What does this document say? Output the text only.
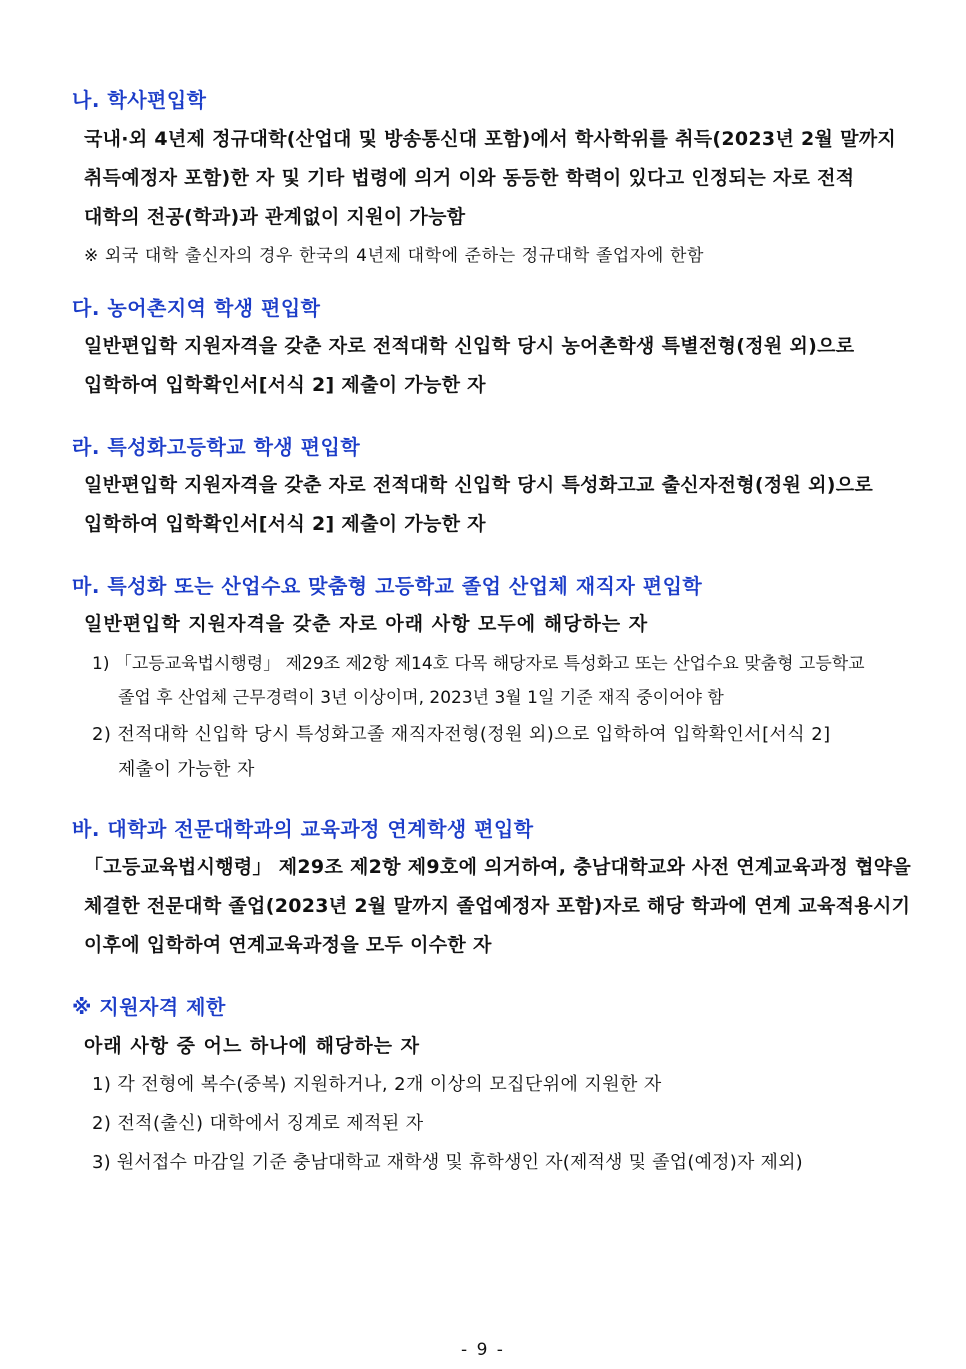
나. 학사편입학
국내·외 4년제 정규대학(산업대 및 방송통신대 포함)에서 학사학위를 취득(2023년 2월 말까지
취득예정자 포함)한 자 및 기타 법령에 의거 이와 동등한 학력이 있다고 인정되는 자로 전적
대학의 전공(학과)과 관계없이 지원이 가능함
※ 외국 대학 출신자의 경우 한국의 4년제 대학에 준하는 정규대학 졸업자에 한함
다. 농어촌지역 학생 편입학
일반편입학 지원자격을 갖춘 자로 전적대학 신입학 당시 농어촌학생 특별전형(정원 외)으로
입학하여 입학확인서[서식 2] 제출이 가능한 자
라. 특성화고등학교 학생 편입학
일반편입학 지원자격을 갖춘 자로 전적대학 신입학 당시 특성화고교 출신자전형(정원 외)으로
입학하여 입학확인서[서식 2] 제출이 가능한 자
마. 특성화 또는 산업수요 맞춤형 고등학교 졸업 산업체 재직자 편입학
일반편입학 지원자격을 갖춘 자로 아래 사항 모두에 해당하는 자
1) 「고등교육법시행령」 제29조 제2항 제14호 다목 해당자로 특성화고 또는 산업수요 맞춤형 고등학교
졸업 후 산업체 근무경력이 3년 이상이며, 2023년 3월 1일 기준 재직 중이어야 함
2) 전적대학 신입학 당시 특성화고졸 재직자전형(정원 외)으로 입학하여 입학확인서[서식 2]
제출이 가능한 자
바. 대학과 전문대학과의 교육과정 연계학생 편입학
「고등교육법시행령」 제29조 제2항 제9호에 의거하여, 충남대학교와 사전 연계교육과정 협약을
체결한 전문대학 졸업(2023년 2월 말까지 졸업예정자 포함)자로 해당 학과에 연계 교육적용시기
이후에 입학하여 연계교육과정을 모두 이수한 자
※ 지원자격 제한
아래 사항 중 어느 하나에 해당하는 자
1) 각 전형에 복수(중복) 지원하거나, 2개 이상의 모집단위에 지원한 자
2) 전적(출신) 대학에서 징계로 제적된 자
3) 원서접수 마감일 기준 충남대학교 재학생 및 휴학생인 자(제적생 및 졸업(예정)자 제외)
- 9 -
